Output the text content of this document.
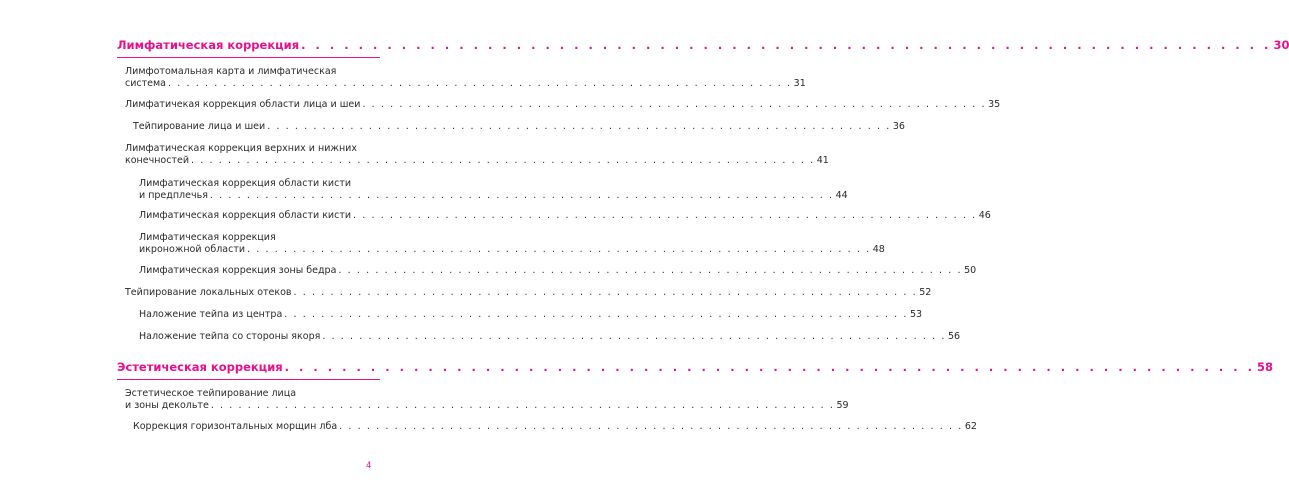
Лимфатическая коррекция . . . . . . . . . . . . . . . . . . . . . . . . . . . . . . . . . . . . . . . . . . . . . . . . . . . . . . . . . . . . . . . . . . . . 30
Лимфотомальная карта и лимфатическая
система . . . . . . . . . . . . . . . . . . . . . . . . . . . . . . . . . . . . . . . . . . . . . . . . . . . . . . . . . . . . . . . . . . . . 31
Лимфатичекая коррекция области лица и шеи . . . . . . . . . . . . . . . . . . . . . . . . . . . . . . . . . . . . . . . . . . . . . . . . . . . . . . . . . . . . . . . . . . . . 35
Тейпирование лица и шеи . . . . . . . . . . . . . . . . . . . . . . . . . . . . . . . . . . . . . . . . . . . . . . . . . . . . . . . . . . . . . . . . . . . . 36
Лимфатическая коррекция верхних и нижних
конечностей . . . . . . . . . . . . . . . . . . . . . . . . . . . . . . . . . . . . . . . . . . . . . . . . . . . . . . . . . . . . . . . . . . . . 41
Лимфатическая коррекция области кисти
и предплечья . . . . . . . . . . . . . . . . . . . . . . . . . . . . . . . . . . . . . . . . . . . . . . . . . . . . . . . . . . . . . . . . . . . . 44
Лимфатическая коррекция области кисти . . . . . . . . . . . . . . . . . . . . . . . . . . . . . . . . . . . . . . . . . . . . . . . . . . . . . . . . . . . . . . . . . . . . 46
Лимфатическая коррекция
икроножной области . . . . . . . . . . . . . . . . . . . . . . . . . . . . . . . . . . . . . . . . . . . . . . . . . . . . . . . . . . . . . . . . . . . . 48
Лимфатическая коррекция зоны бедра . . . . . . . . . . . . . . . . . . . . . . . . . . . . . . . . . . . . . . . . . . . . . . . . . . . . . . . . . . . . . . . . . . . . 50
Тейпирование локальных отеков . . . . . . . . . . . . . . . . . . . . . . . . . . . . . . . . . . . . . . . . . . . . . . . . . . . . . . . . . . . . . . . . . . . . 52
Наложение тейпа из центра . . . . . . . . . . . . . . . . . . . . . . . . . . . . . . . . . . . . . . . . . . . . . . . . . . . . . . . . . . . . . . . . . . . . 53
Наложение тейпа со стороны якоря . . . . . . . . . . . . . . . . . . . . . . . . . . . . . . . . . . . . . . . . . . . . . . . . . . . . . . . . . . . . . . . . . . . . 56
Эстетическая коррекция . . . . . . . . . . . . . . . . . . . . . . . . . . . . . . . . . . . . . . . . . . . . . . . . . . . . . . . . . . . . . . . . . . . . 58
Эстетическое тейпирование лица
и зоны декольте . . . . . . . . . . . . . . . . . . . . . . . . . . . . . . . . . . . . . . . . . . . . . . . . . . . . . . . . . . . . . . . . . . . . 59
Коррекция горизонтальных морщин лба . . . . . . . . . . . . . . . . . . . . . . . . . . . . . . . . . . . . . . . . . . . . . . . . . . . . . . . . . . . . . . . . . . . . 62
4
